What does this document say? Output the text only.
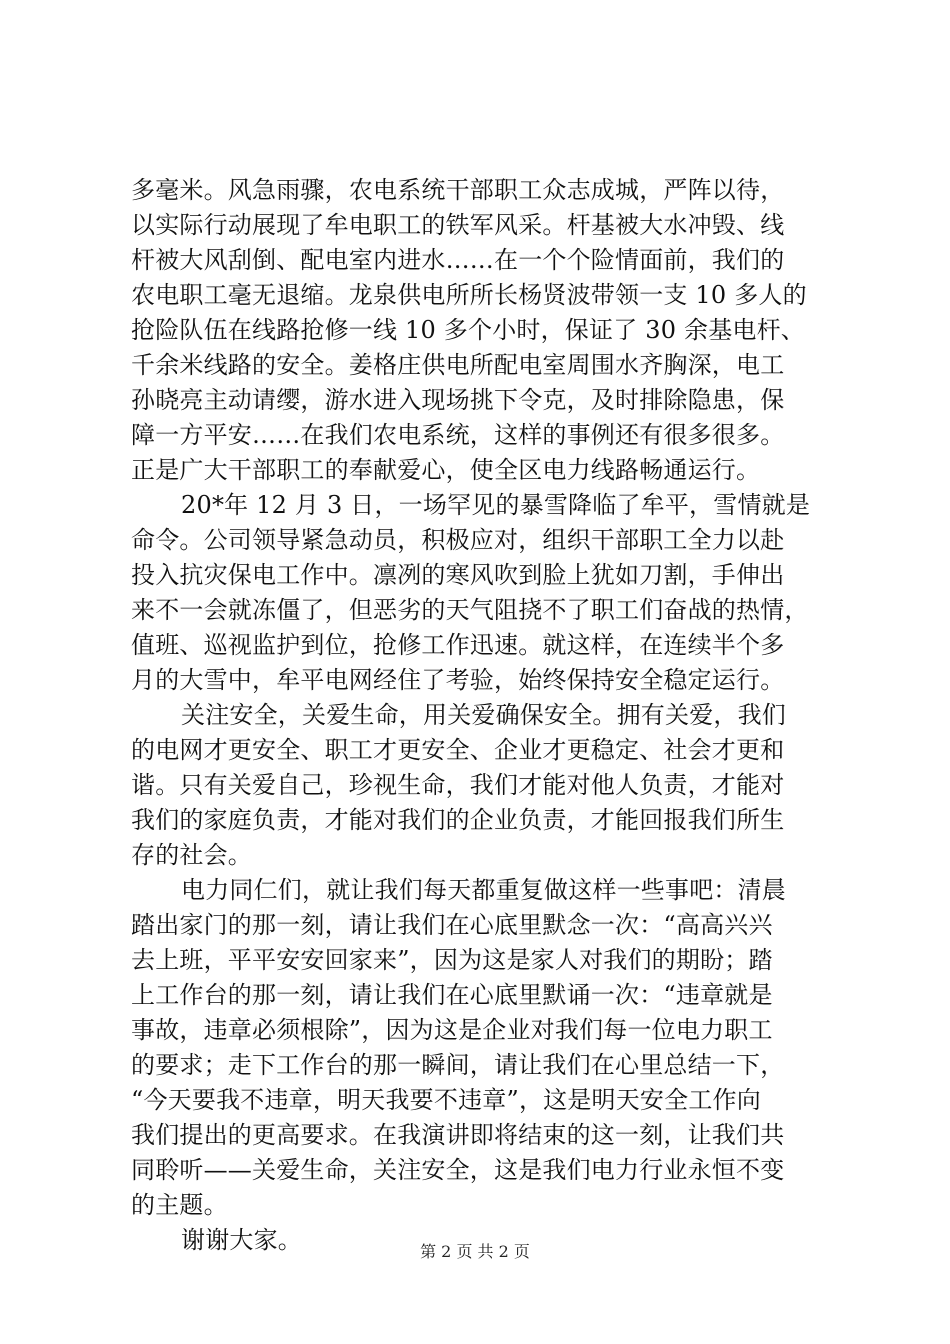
多毫米。风急雨骤，农电系统干部职工众志成城，严阵以待，
以实际行动展现了牟电职工的铁军风采。杆基被大水冲毁、线
杆被大风刮倒、配电室内进水……在一个个险情面前，我们的
农电职工毫无退缩。龙泉供电所所长杨贤波带领一支 10 多人的
抢险队伍在线路抢修一线 10 多个小时，保证了 30 余基电杆、
千余米线路的安全。姜格庄供电所配电室周围水齐胸深，电工
孙晓亮主动请缨，游水进入现场挑下令克，及时排除隐患，保
障一方平安……在我们农电系统，这样的事例还有很多很多。
正是广大干部职工的奉献爱心，使全区电力线路畅通运行。
20*年 12 月 3 日，一场罕见的暴雪降临了牟平，雪情就是
命令。公司领导紧急动员，积极应对，组织干部职工全力以赴
投入抗灾保电工作中。凛冽的寒风吹到脸上犹如刀割，手伸出
来不一会就冻僵了，但恶劣的天气阻挠不了职工们奋战的热情，
值班、巡视监护到位，抢修工作迅速。就这样，在连续半个多
月的大雪中，牟平电网经住了考验，始终保持安全稳定运行。
关注安全，关爱生命，用关爱确保安全。拥有关爱，我们
的电网才更安全、职工才更安全、企业才更稳定、社会才更和
谐。只有关爱自己，珍视生命，我们才能对他人负责，才能对
我们的家庭负责，才能对我们的企业负责，才能回报我们所生
存的社会。
电力同仁们，就让我们每天都重复做这样一些事吧：清晨
踏出家门的那一刻，请让我们在心底里默念一次：“高高兴兴
去上班，平平安安回家来”，因为这是家人对我们的期盼；踏
上工作台的那一刻，请让我们在心底里默诵一次：“违章就是
事故，违章必须根除”，因为这是企业对我们每一位电力职工
的要求；走下工作台的那一瞬间，请让我们在心里总结一下，
“今天要我不违章，明天我要不违章”，这是明天安全工作向
我们提出的更高要求。在我演讲即将结束的这一刻，让我们共
同聆听——关爱生命，关注安全，这是我们电力行业永恒不变
的主题。
谢谢大家。	第 2 页 共 2 页
